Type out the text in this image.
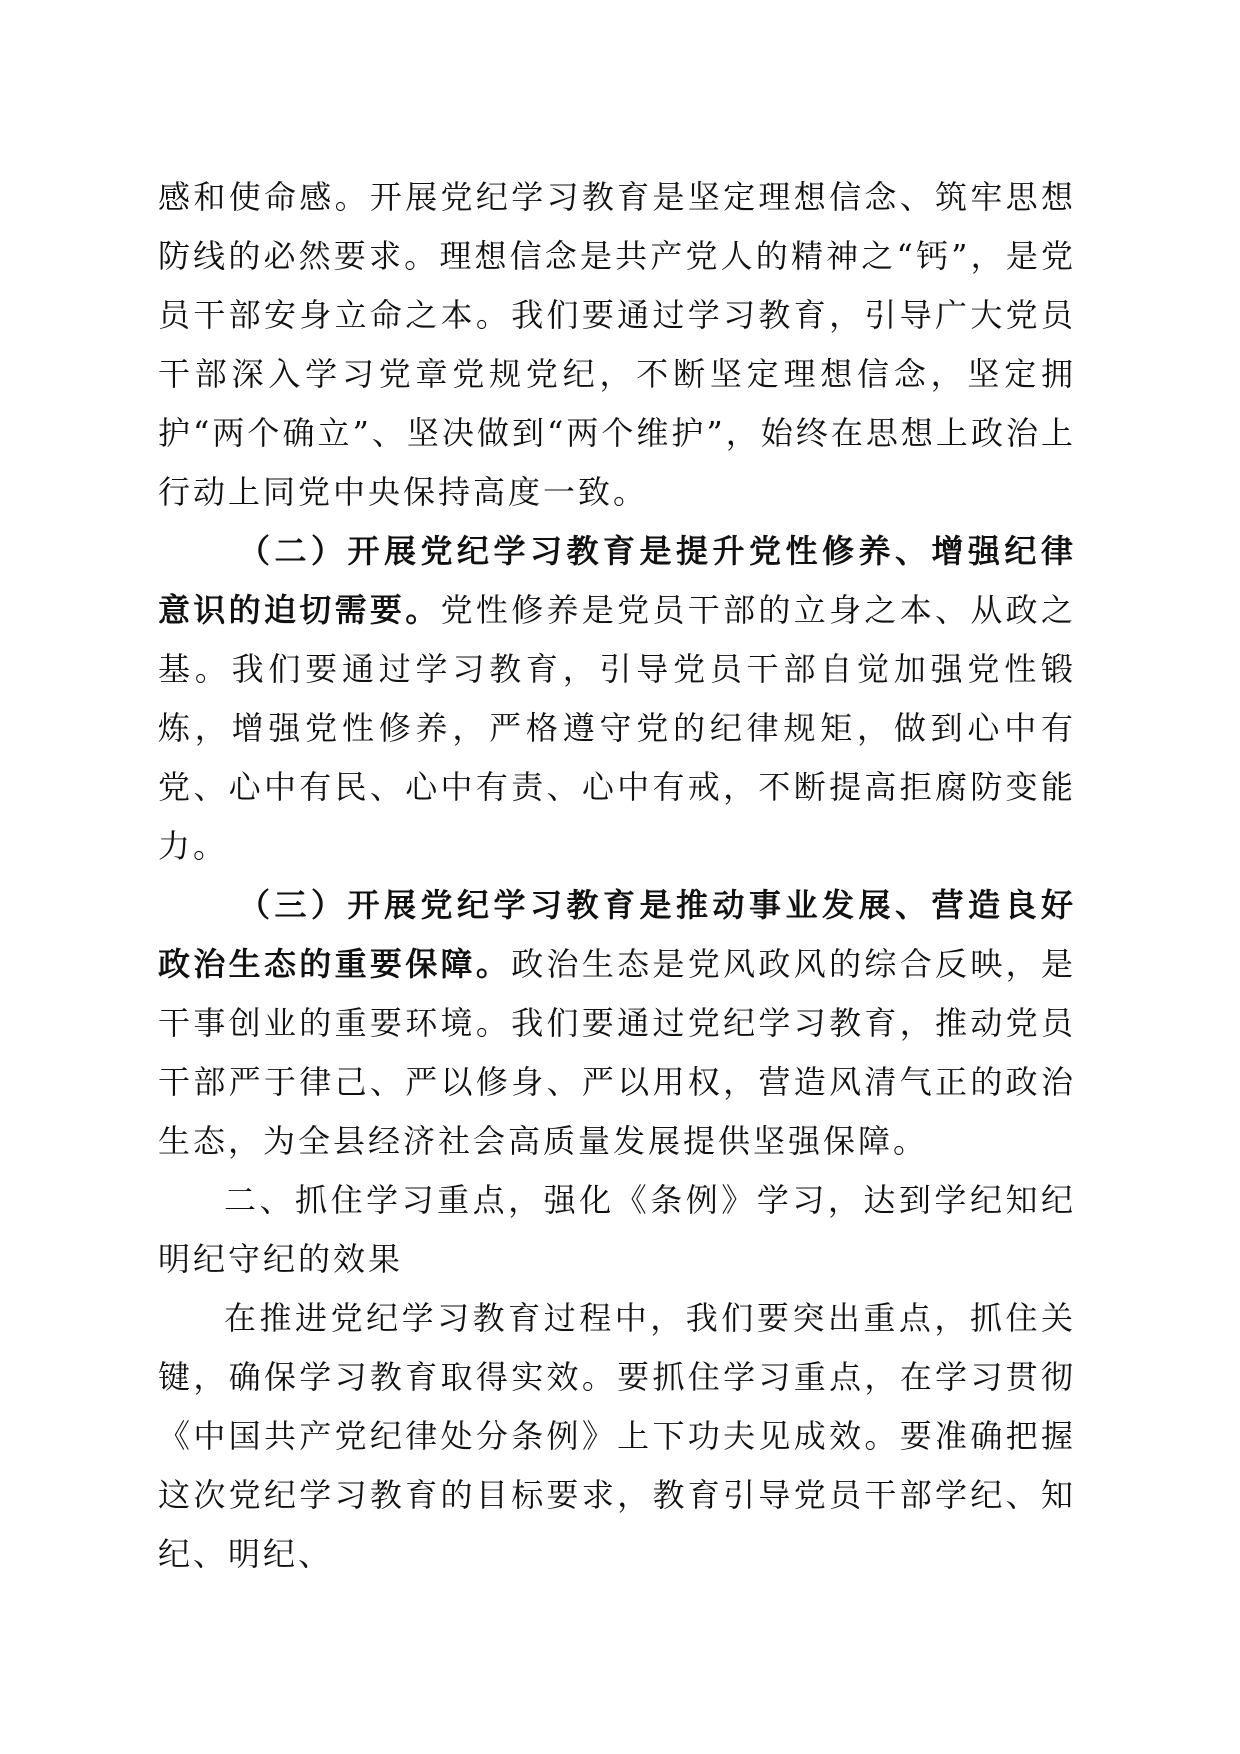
感和使命感。开展党纪学习教育是坚定理想信念、筑牢思想防线的必然要求。理想信念是共产党人的精神之“钙”，是党员干部安身立命之本。我们要通过学习教育，引导广大党员干部深入学习党章党规党纪，不断坚定理想信念，坚定拥护“两个确立”、坚决做到“两个维护”，始终在思想上政治上行动上同党中央保持高度一致。

（二）开展党纪学习教育是提升党性修养、增强纪律意识的迫切需要。党性修养是党员干部的立身之本、从政之基。我们要通过学习教育，引导党员干部自觉加强党性锻炼，增强党性修养，严格遵守党的纪律规矩，做到心中有党、心中有民、心中有责、心中有戒，不断提高拒腐防变能力。

（三）开展党纪学习教育是推动事业发展、营造良好政治生态的重要保障。政治生态是党风政风的综合反映，是干事创业的重要环境。我们要通过党纪学习教育，推动党员干部严于律己、严以修身、严以用权，营造风清气正的政治生态，为全县经济社会高质量发展提供坚强保障。

二、抓住学习重点，强化《条例》学习，达到学纪知纪明纪守纪的效果

在推进党纪学习教育过程中，我们要突出重点，抓住关键，确保学习教育取得实效。要抓住学习重点，在学习贯彻《中国共产党纪律处分条例》上下功夫见成效。要准确把握这次党纪学习教育的目标要求，教育引导党员干部学纪、知纪、明纪、
